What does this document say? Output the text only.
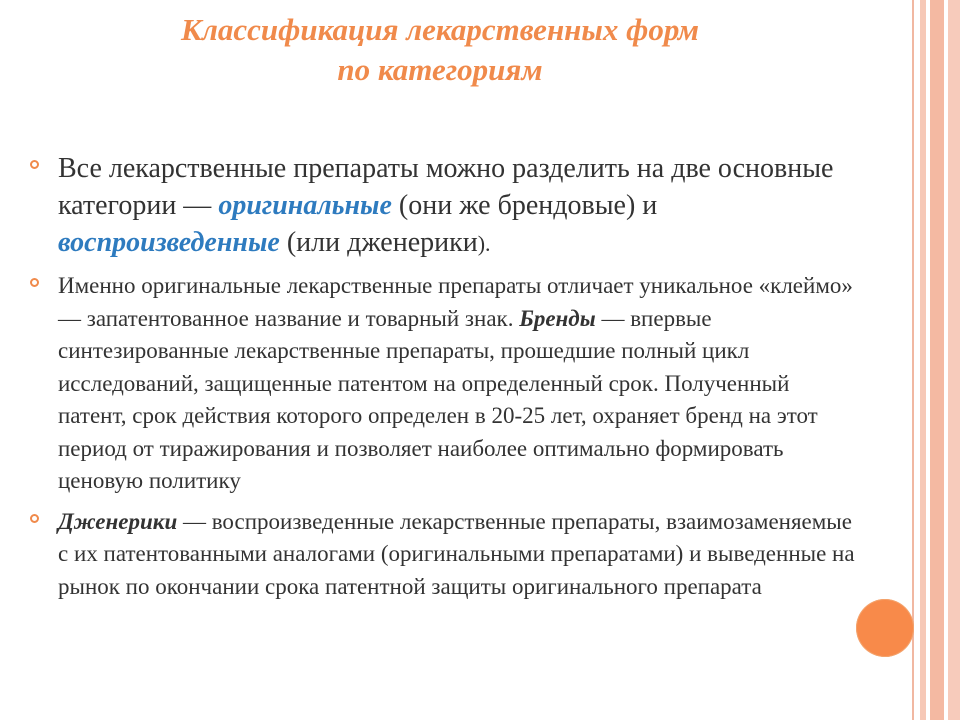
Классификация лекарственных форм
по категориям
Все лекарственные препараты можно разделить на две основные категории — оригинальные (они же брендовые) и воспроизведенные (или дженерики).
Именно оригинальные лекарственные препараты отличает уникальное «клеймо» — запатентованное название и товарный знак. Бренды — впервые синтезированные лекарственные препараты, прошедшие полный цикл исследований, защищенные патентом на определенный срок. Полученный патент, срок действия которого определен в 20-25 лет, охраняет бренд на этот период от тиражирования и позволяет наиболее оптимально формировать ценовую политику
Дженерики — воспроизведенные лекарственные препараты, взаимозаменяемые с их патентованными аналогами (оригинальными препаратами) и выведенные на рынок по окончании срока патентной защиты оригинального препарата
